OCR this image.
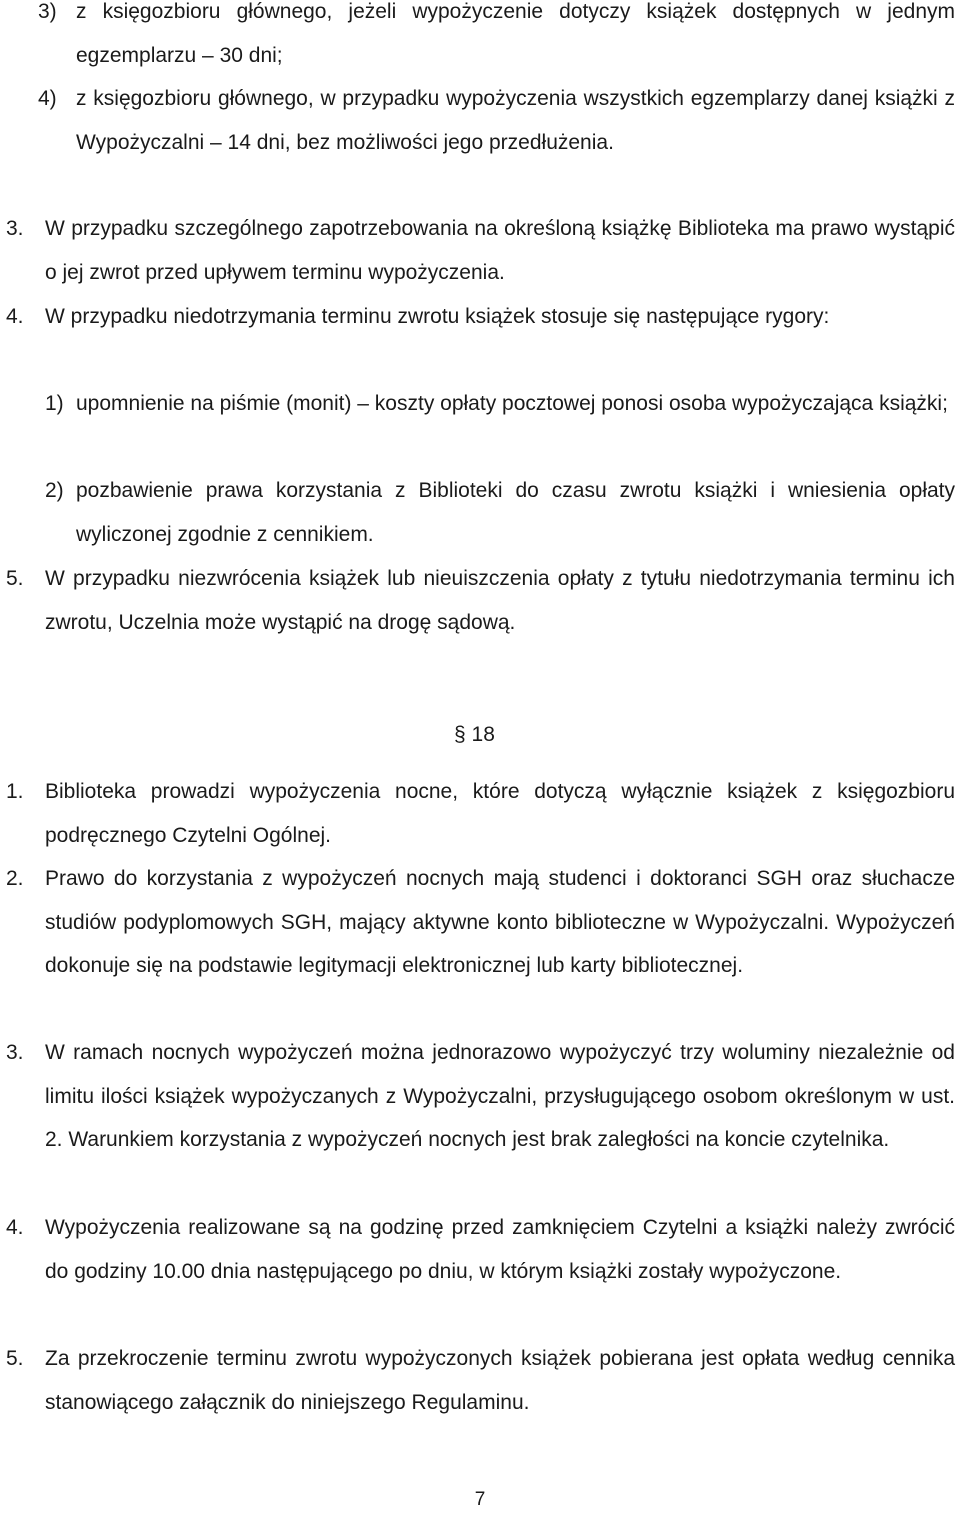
3) z księgozbioru głównego, jeżeli wypożyczenie dotyczy książek dostępnych w jednym egzemplarzu – 30 dni;
4) z księgozbioru głównego, w przypadku wypożyczenia wszystkich egzemplarzy danej książki z Wypożyczalni – 14 dni, bez możliwości jego przedłużenia.
3. W przypadku szczególnego zapotrzebowania na określoną książkę Biblioteka ma prawo wystąpić o jej zwrot przed upływem terminu wypożyczenia.
4. W przypadku niedotrzymania terminu zwrotu książek stosuje się następujące rygory:
1) upomnienie na piśmie (monit) – koszty opłaty pocztowej ponosi osoba wypożyczająca książki;
2) pozbawienie prawa korzystania z Biblioteki do czasu zwrotu książki i wniesienia opłaty wyliczonej zgodnie z cennikiem.
5. W przypadku niezwrócenia książek lub nieuiszczenia opłaty z tytułu niedotrzymania terminu ich zwrotu, Uczelnia może wystąpić na drogę sądową.
§ 18
1. Biblioteka prowadzi wypożyczenia nocne, które dotyczą wyłącznie książek z księgozbioru podręcznego Czytelni Ogólnej.
2. Prawo do korzystania z wypożyczeń nocnych mają studenci i doktoranci SGH oraz słuchacze studiów podyplomowych SGH, mający aktywne konto biblioteczne w Wypożyczalni. Wypożyczeń dokonuje się na podstawie legitymacji elektronicznej lub karty bibliotecznej.
3. W ramach nocnych wypożyczeń można jednorazowo wypożyczyć trzy woluminy niezależnie od limitu ilości książek wypożyczanych z Wypożyczalni, przysługującego osobom określonym w ust. 2. Warunkiem korzystania z wypożyczeń nocnych jest brak zaległości na koncie czytelnika.
4. Wypożyczenia realizowane są na godzinę przed zamknięciem Czytelni a książki należy zwrócić do godziny 10.00 dnia następującego po dniu, w którym książki zostały wypożyczone.
5. Za przekroczenie terminu zwrotu wypożyczonych książek pobierana jest opłata według cennika stanowiącego załącznik do niniejszego Regulaminu.
7
